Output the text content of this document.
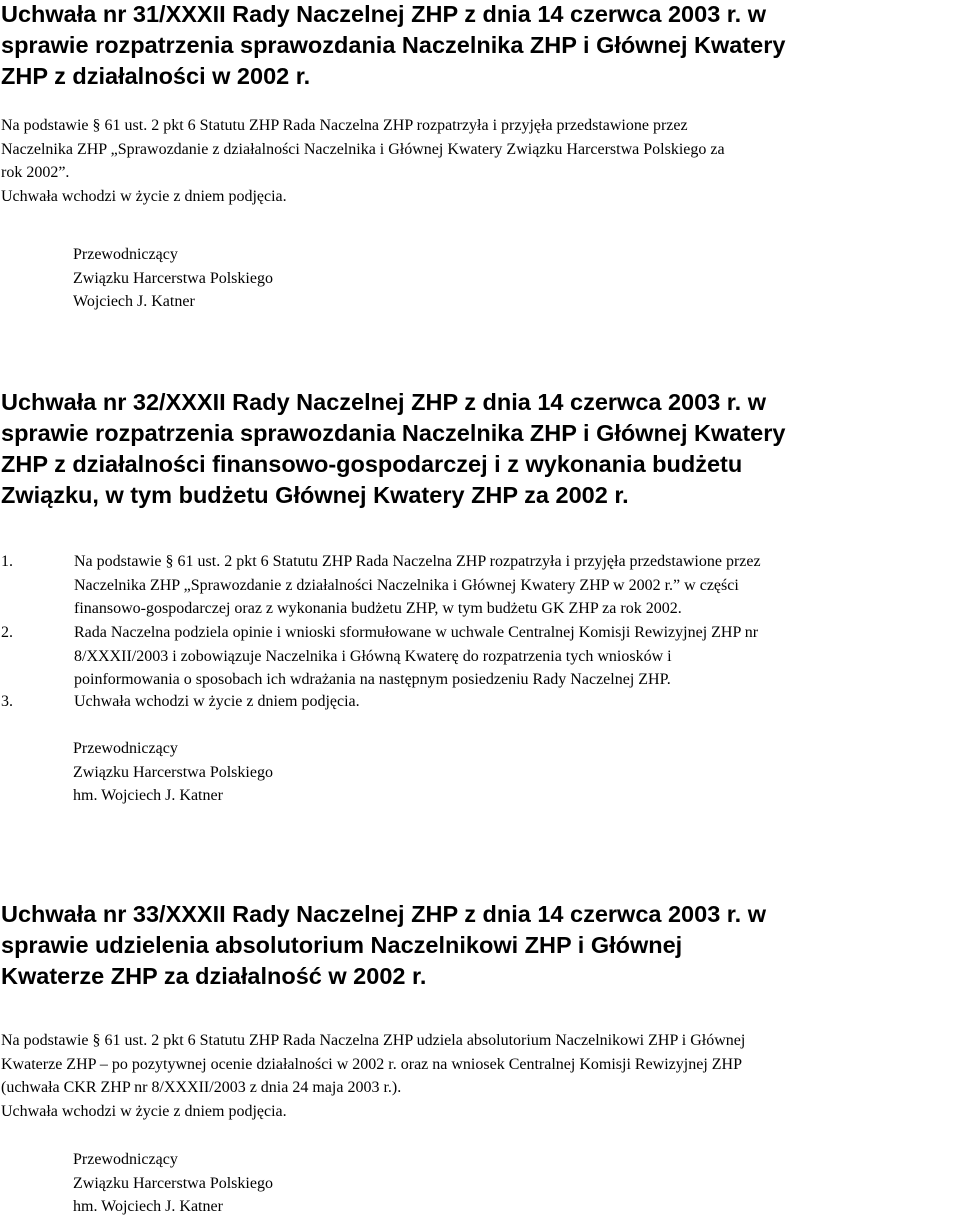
Uchwała nr 31/XXXII Rady Naczelnej ZHP z dnia 14 czerwca 2003 r. w
sprawie rozpatrzenia sprawozdania Naczelnika ZHP i Głównej Kwatery
ZHP z działalności w 2002 r.
Na podstawie § 61 ust. 2 pkt 6 Statutu ZHP Rada Naczelna ZHP rozpatrzyła i przyjęła przedstawione przez
Naczelnika ZHP „Sprawozdanie z działalności Naczelnika i Głównej Kwatery Związku Harcerstwa Polskiego za
rok 2002”.
Uchwała wchodzi w życie z dniem podjęcia.
Przewodniczący
Związku Harcerstwa Polskiego
Wojciech J. Katner
Uchwała nr 32/XXXII Rady Naczelnej ZHP z dnia 14 czerwca 2003 r. w
sprawie rozpatrzenia sprawozdania Naczelnika ZHP i Głównej Kwatery
ZHP z działalności finansowo-gospodarczej i z wykonania budżetu
Związku, w tym budżetu Głównej Kwatery ZHP za 2002 r.
1.	Na podstawie § 61 ust. 2 pkt 6 Statutu ZHP Rada Naczelna ZHP rozpatrzyła i przyjęła przedstawione przez
Naczelnika ZHP „Sprawozdanie z działalności Naczelnika i Głównej Kwatery ZHP w 2002 r.” w części
finansowo-gospodarczej oraz z wykonania budżetu ZHP, w tym budżetu GK ZHP za rok 2002.
2.	Rada Naczelna podziela opinie i wnioski sformułowane w uchwale Centralnej Komisji Rewizyjnej ZHP nr
8/XXXII/2003 i zobowiązuje Naczelnika i Główną Kwaterę do rozpatrzenia tych wniosków i
poinformowania o sposobach ich wdrażania na następnym posiedzeniu Rady Naczelnej ZHP.
3.	Uchwała wchodzi w życie z dniem podjęcia.
Przewodniczący
Związku Harcerstwa Polskiego
hm. Wojciech J. Katner
Uchwała nr 33/XXXII Rady Naczelnej ZHP z dnia 14 czerwca 2003 r. w
sprawie udzielenia absolutorium Naczelnikowi ZHP i Głównej
Kwaterze ZHP za działalność w 2002 r.
Na podstawie § 61 ust. 2 pkt 6 Statutu ZHP Rada Naczelna ZHP udziela absolutorium Naczelnikowi ZHP i Głównej
Kwaterze ZHP – po pozytywnej ocenie działalności w 2002 r. oraz na wniosek Centralnej Komisji Rewizyjnej ZHP
(uchwała CKR ZHP nr 8/XXXII/2003 z dnia 24 maja 2003 r.).
Uchwała wchodzi w życie z dniem podjęcia.
Przewodniczący
Związku Harcerstwa Polskiego
hm. Wojciech J. Katner
